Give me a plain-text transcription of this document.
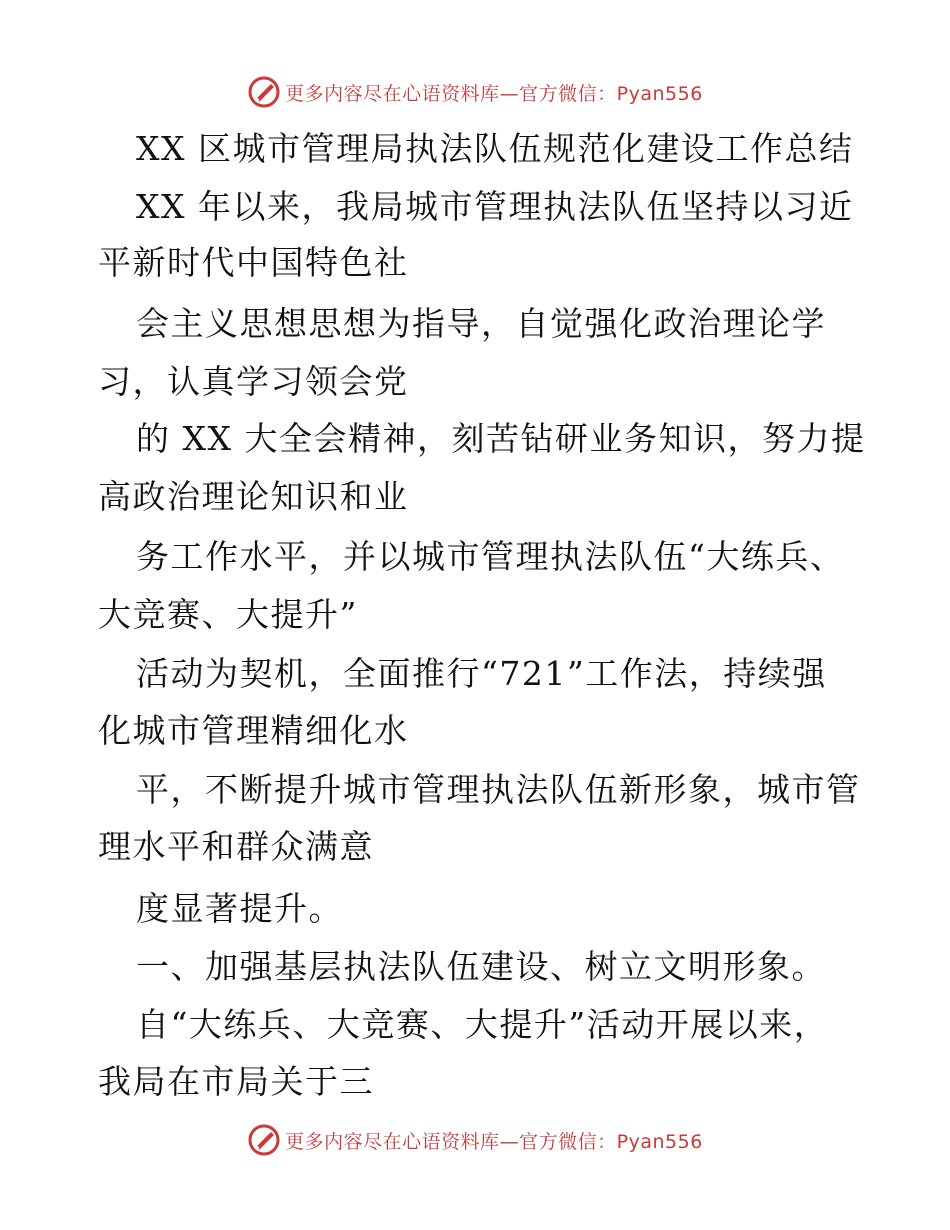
更多内容尽在心语资料库—官方微信：Pyan556
XX 区城市管理局执法队伍规范化建设工作总结
XX 年以来，我局城市管理执法队伍坚持以习近
平新时代中国特色社
会主义思想思想为指导，自觉强化政治理论学
习，认真学习领会党
的 XX 大全会精神，刻苦钻研业务知识，努力提
高政治理论知识和业
务工作水平，并以城市管理执法队伍“大练兵、
大竞赛、大提升”
活动为契机，全面推行“721”工作法，持续强
化城市管理精细化水
平，不断提升城市管理执法队伍新形象，城市管
理水平和群众满意
度显著提升。
一、加强基层执法队伍建设、树立文明形象。
自“大练兵、大竞赛、大提升”活动开展以来，
我局在市局关于三
更多内容尽在心语资料库—官方微信：Pyan556
